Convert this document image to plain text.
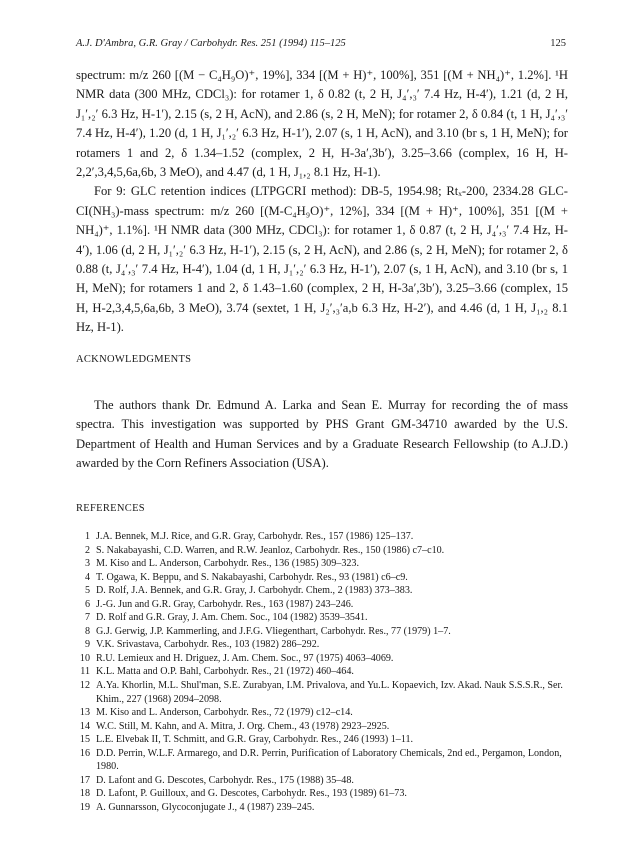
A.J. D'Ambra, G.R. Gray / Carbohydr. Res. 251 (1994) 115–125	125

spectrum: m/z 260 [(M − C₄H₉O)⁺, 19%], 334 [(M + H)⁺, 100%], 351 [(M + NH₄)⁺, 1.2%]. ¹H NMR data (300 MHz, CDCl₃): for rotamer 1, δ 0.82 (t, 2 H, J₄′,₃′ 7.4 Hz, H-4′), 1.21 (d, 2 H, J₁′,₂′ 6.3 Hz, H-1′), 2.15 (s, 2 H, AcN), and 2.86 (s, 2 H, MeN); for rotamer 2, δ 0.84 (t, 1 H, J₄′,₃′ 7.4 Hz, H-4′), 1.20 (d, 1 H, J₁′,₂′ 6.3 Hz, H-1′), 2.07 (s, 1 H, AcN), and 3.10 (br s, 1 H, MeN); for rotamers 1 and 2, δ 1.34–1.52 (complex, 2 H, H-3a′,3b′), 3.25–3.66 (complex, 16 H, H-2,2′,3,4,5,6a,6b, 3 MeO), and 4.47 (d, 1 H, J₁,₂ 8.1 Hz, H-1).

For 9: GLC retention indices (LTPGCRI method): DB-5, 1954.98; Rtₓ-200, 2334.28 GLC-CI(NH₃)-mass spectrum: m/z 260 [(M-C₄H₉O)⁺, 12%], 334 [(M + H)⁺, 100%], 351 [(M + NH₄)⁺, 1.1%]. ¹H NMR data (300 MHz, CDCl₃): for rotamer 1, δ 0.87 (t, 2 H, J₄′,₃′ 7.4 Hz, H-4′), 1.06 (d, 2 H, J₁′,₂′ 6.3 Hz, H-1′), 2.15 (s, 2 H, AcN), and 2.86 (s, 2 H, MeN); for rotamer 2, δ 0.88 (t, J₄′,₃′ 7.4 Hz, H-4′), 1.04 (d, 1 H, J₁′,₂′ 6.3 Hz, H-1′), 2.07 (s, 1 H, AcN), and 3.10 (br s, 1 H, MeN); for rotamers 1 and 2, δ 1.43–1.60 (complex, 2 H, H-3a′,3b′), 3.25–3.66 (complex, 15 H, H-2,3,4,5,6a,6b, 3 MeO), 3.74 (sextet, 1 H, J₂′,₃′a,b 6.3 Hz, H-2′), and 4.46 (d, 1 H, J₁,₂ 8.1 Hz, H-1).

ACKNOWLEDGMENTS

The authors thank Dr. Edmund A. Larka and Sean E. Murray for recording the of mass spectra. This investigation was supported by PHS Grant GM-34710 awarded by the U.S. Department of Health and Human Services and by a Graduate Research Fellowship (to A.J.D.) awarded by the Corn Refiners Association (USA).

REFERENCES
1 J.A. Bennek, M.J. Rice, and G.R. Gray, Carbohydr. Res., 157 (1986) 125–137.
2 S. Nakabayashi, C.D. Warren, and R.W. Jeanloz, Carbohydr. Res., 150 (1986) c7–c10.
3 M. Kiso and L. Anderson, Carbohydr. Res., 136 (1985) 309–323.
4 T. Ogawa, K. Beppu, and S. Nakabayashi, Carbohydr. Res., 93 (1981) c6–c9.
5 D. Rolf, J.A. Bennek, and G.R. Gray, J. Carbohydr. Chem., 2 (1983) 373–383.
6 J.-G. Jun and G.R. Gray, Carbohydr. Res., 163 (1987) 243–246.
7 D. Rolf and G.R. Gray, J. Am. Chem. Soc., 104 (1982) 3539–3541.
8 G.J. Gerwig, J.P. Kammerling, and J.F.G. Vliegenthart, Carbohydr. Res., 77 (1979) 1–7.
9 V.K. Srivastava, Carbohydr. Res., 103 (1982) 286–292.
10 R.U. Lemieux and H. Driguez, J. Am. Chem. Soc., 97 (1975) 4063–4069.
11 K.L. Matta and O.P. Bahl, Carbohydr. Res., 21 (1972) 460–464.
12 A.Ya. Khorlin, M.L. Shul'man, S.E. Zurabyan, I.M. Privalova, and Yu.L. Kopaevich, Izv. Akad. Nauk S.S.S.R., Ser. Khim., 227 (1968) 2094–2098.
13 M. Kiso and L. Anderson, Carbohydr. Res., 72 (1979) c12–c14.
14 W.C. Still, M. Kahn, and A. Mitra, J. Org. Chem., 43 (1978) 2923–2925.
15 L.E. Elvebak II, T. Schmitt, and G.R. Gray, Carbohydr. Res., 246 (1993) 1–11.
16 D.D. Perrin, W.L.F. Armarego, and D.R. Perrin, Purification of Laboratory Chemicals, 2nd ed., Pergamon, London, 1980.
17 D. Lafont and G. Descotes, Carbohydr. Res., 175 (1988) 35–48.
18 D. Lafont, P. Guilloux, and G. Descotes, Carbohydr. Res., 193 (1989) 61–73.
19 A. Gunnarsson, Glycoconjugate J., 4 (1987) 239–245.
